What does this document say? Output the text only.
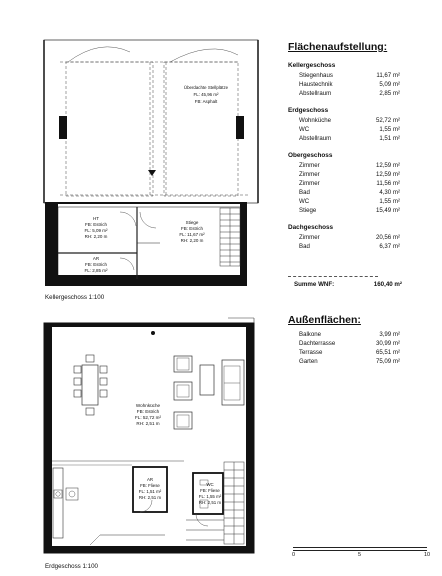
Überdachte Stellplätze
FL: 45,96 m²
FB: Asphalt
HT
FB: Estrich
FL: 5,09 m²
RH: 2,20 m
AR
FB: Estrich
FL: 2,85 m²
RH: 2,20 m
Stiege
FB: Estrich
FL: 11,67 m²
RH: 2,20 m
Wohnküche
FB: Estrich
FL: 52,72 m²
RH: 2,51 m
AR
FB: Fliese
FL: 1,51 m²
RH: 2,51 m
WC
FB: Fliese
FL: 1,55 m²
RH: 2,51 m
Kellergeschoss 1:100
Erdgeschoss 1:100
Flächenaufstellung:
Kellergeschoss
Stiegenhaus	11,67 m²
Haustechnik	5,09 m²
Abstellraum	2,85 m²
Erdgeschoss
Wohnküche	52,72 m²
WC	1,55 m²
Abstellraum	1,51 m²
Obergeschoss
Zimmer	12,59 m²
Zimmer	12,59 m²
Zimmer	11,56 m²
Bad	4,30 m²
WC	1,55 m²
Stiege	15,49 m²
Dachgeschoss
Zimmer	20,56 m²
Bad	6,37 m²
Summe WNF:	160,40 m²
Außenflächen:
Balkone	3,99 m²
Dachterrasse	30,99 m²
Terrasse	65,51 m²
Garten	75,09 m²
0	5	10
